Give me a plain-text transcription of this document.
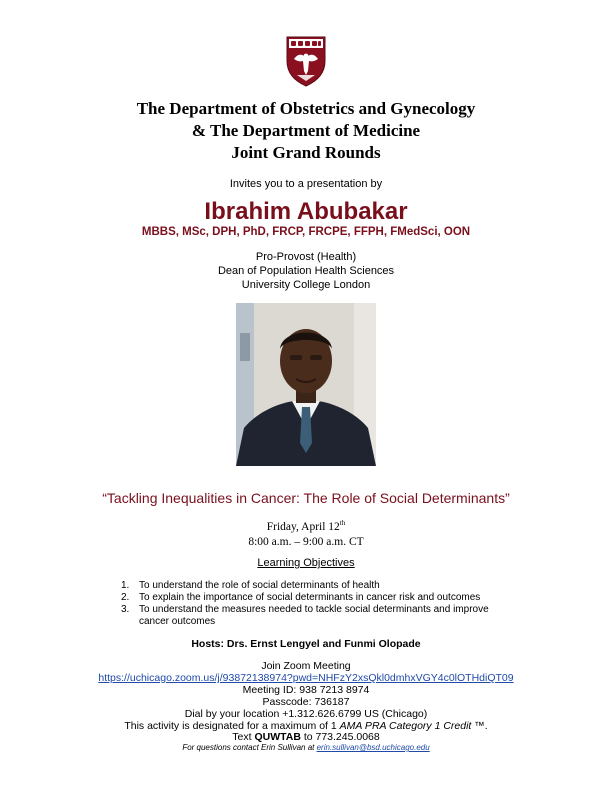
The Department of Obstetrics and Gynecology
& The Department of Medicine
Joint Grand Rounds
Invites you to a presentation by
Ibrahim Abubakar
MBBS, MSc, DPH, PhD, FRCP, FRCPE, FFPH, FMedSci, OON
Pro-Provost (Health)
Dean of Population Health Sciences
University College London
“Tackling Inequalities in Cancer: The Role of Social Determinants”
Friday, April 12th
8:00 a.m. – 9:00 a.m. CT
Learning Objectives
1. To understand the role of social determinants of health
2. To explain the importance of social determinants in cancer risk and outcomes
3. To understand the measures needed to tackle social determinants and improve cancer outcomes
Hosts: Drs. Ernst Lengyel and Funmi Olopade
Join Zoom Meeting
https://uchicago.zoom.us/j/93872138974?pwd=NHFzY2xsQkl0dmhxVGY4c0lOTHdiQT09
Meeting ID: 938 7213 8974
Passcode: 736187
Dial by your location +1.312.626.6799 US (Chicago)
This activity is designated for a maximum of 1 AMA PRA Category 1 Credit ™.
Text QUWTAB to 773.245.0068
For questions contact Erin Sullivan at erin.sullivan@bsd.uchicago.edu
